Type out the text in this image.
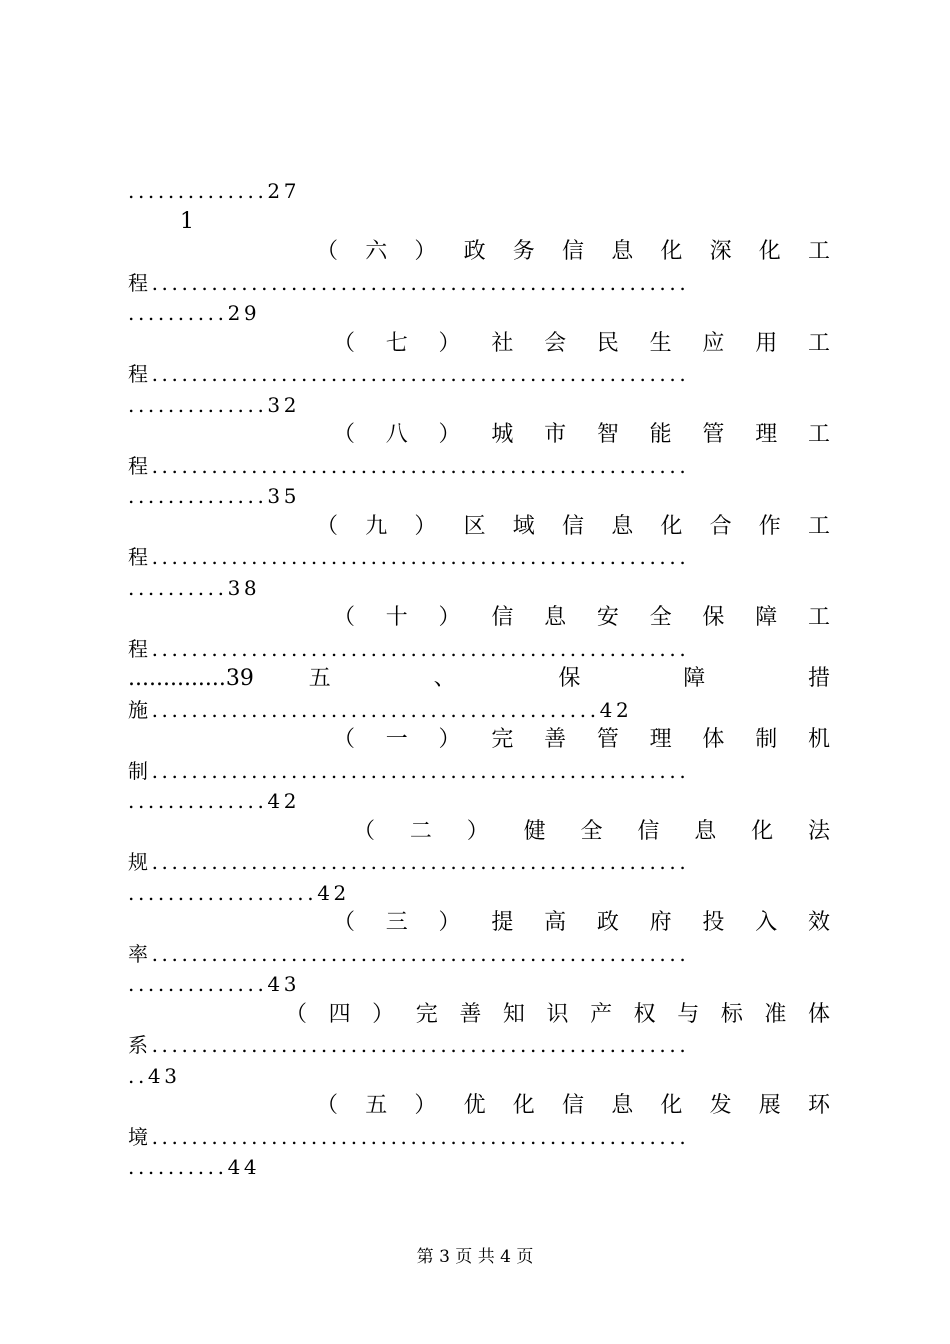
..............27
1
（六）政务信息化深化工
程......................................................
..........29
（七）社会民生应用工
程......................................................
..............32
（八）城市智能管理工
程......................................................
..............35
（九）区域信息化合作工
程......................................................
..........38
（十）信息安全保障工
程......................................................
..............39 五 、 保 障 措
施.............................................42
（一）完善管理体制机
制......................................................
..............42
（二）健全信息化法
规......................................................
...................42
（三）提高政府投入效
率......................................................
..............43
（四）完善知识产权与标准体
系......................................................
..43
（五）优化信息化发展环
境......................................................
..........44
第 3 页 共 4 页
